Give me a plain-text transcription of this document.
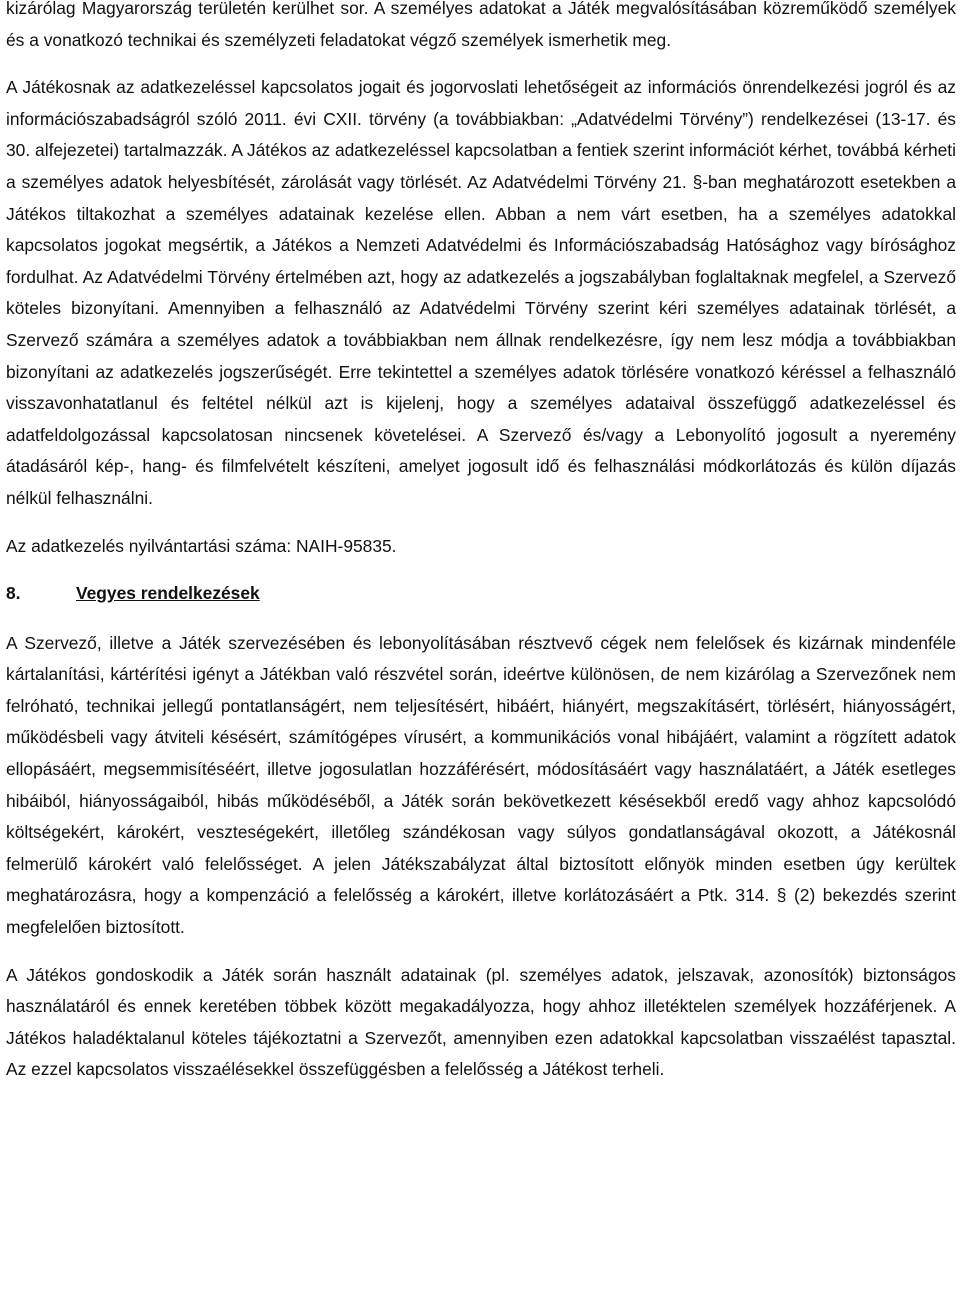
kizárólag Magyarország területén kerülhet sor. A személyes adatokat a Játék megvalósításában közreműködő személyek és a vonatkozó technikai és személyzeti feladatokat végző személyek ismerhetik meg.

A Játékosnak az adatkezeléssel kapcsolatos jogait és jogorvoslati lehetőségeit az információs önrendelkezési jogról és az információszabadságról szóló 2011. évi CXII. törvény (a továbbiakban: „Adatvédelmi Törvény”) rendelkezései (13-17. és 30. alfejezetei) tartalmazzák. A Játékos az adatkezeléssel kapcsolatban a fentiek szerint információt kérhet, továbbá kérheti a személyes adatok helyesbítését, zárolását vagy törlését. Az Adatvédelmi Törvény 21. §-ban meghatározott esetekben a Játékos tiltakozhat a személyes adatainak kezelése ellen. Abban a nem várt esetben, ha a személyes adatokkal kapcsolatos jogokat megsértik, a Játékos a Nemzeti Adatvédelmi és Információszabadság Hatósághoz vagy bírósághoz fordulhat. Az Adatvédelmi Törvény értelmében azt, hogy az adatkezelés a jogszabályban foglaltaknak megfelel, a Szervező köteles bizonyítani. Amennyiben a felhasználó az Adatvédelmi Törvény szerint kéri személyes adatainak törlését, a Szervező számára a személyes adatok a továbbiakban nem állnak rendelkezésre, így nem lesz módja a továbbiakban bizonyítani az adatkezelés jogszerűségét. Erre tekintettel a személyes adatok törlésére vonatkozó kéréssel a felhasználó visszavonhatatlanul és feltétel nélkül azt is kijelenj, hogy a személyes adataival összefüggő adatkezeléssel és adatfeldolgozással kapcsolatosan nincsenek követelései. A Szervező és/vagy a Lebonyolító jogosult a nyeremény átadásáról kép-, hang- és filmfelvételt készíteni, amelyet jogosult idő és felhasználási módkorlátozás és külön díjazás nélkül felhasználni.

Az adatkezelés nyilvántartási száma: NAIH-95835.

8.	Vegyes rendelkezések

A Szervező, illetve a Játék szervezésében és lebonyolításában résztvevő cégek nem felelősek és kizárnak mindenféle kártalanítási, kártérítési igényt a Játékban való részvétel során, ideértve különösen, de nem kizárólag a Szervezőnek nem felróható, technikai jellegű pontatlanságért, nem teljesítésért, hibáért, hiányért, megszakításért, törlésért, hiányosságért, működésbeli vagy átviteli késésért, számítógépes vírusért, a kommunikációs vonal hibájáért, valamint a rögzített adatok ellopásáért, megsemmisítéséért, illetve jogosulatlan hozzáférésért, módosításáért vagy használatáért, a Játék esetleges hibáiból, hiányosságaiból, hibás működéséből, a Játék során bekövetkezett késésekből eredő vagy ahhoz kapcsolódó költségekért, károkért, veszteségekért, illetőleg szándékosan vagy súlyos gondatlanságával okozott, a Játékosnál felmerülő károkért való felelősséget. A jelen Játékszabályzat által biztosított előnyök minden esetben úgy kerültek meghatározásra, hogy a kompenzáció a felelősség a károkért, illetve korlátozásáért a Ptk. 314. § (2) bekezdés szerint megfelelően biztosított.

A Játékos gondoskodik a Játék során használt adatainak (pl. személyes adatok, jelszavak, azonosítók) biztonságos használatáról és ennek keretében többek között megakadályozza, hogy ahhoz illetéktelen személyek hozzáférjenek. A Játékos haladéktalanul köteles tájékoztatni a Szervezőt, amennyiben ezen adatokkal kapcsolatban visszaélést tapasztal. Az ezzel kapcsolatos visszaélésekkel összefüggésben a felelősség a Játékost terheli.
